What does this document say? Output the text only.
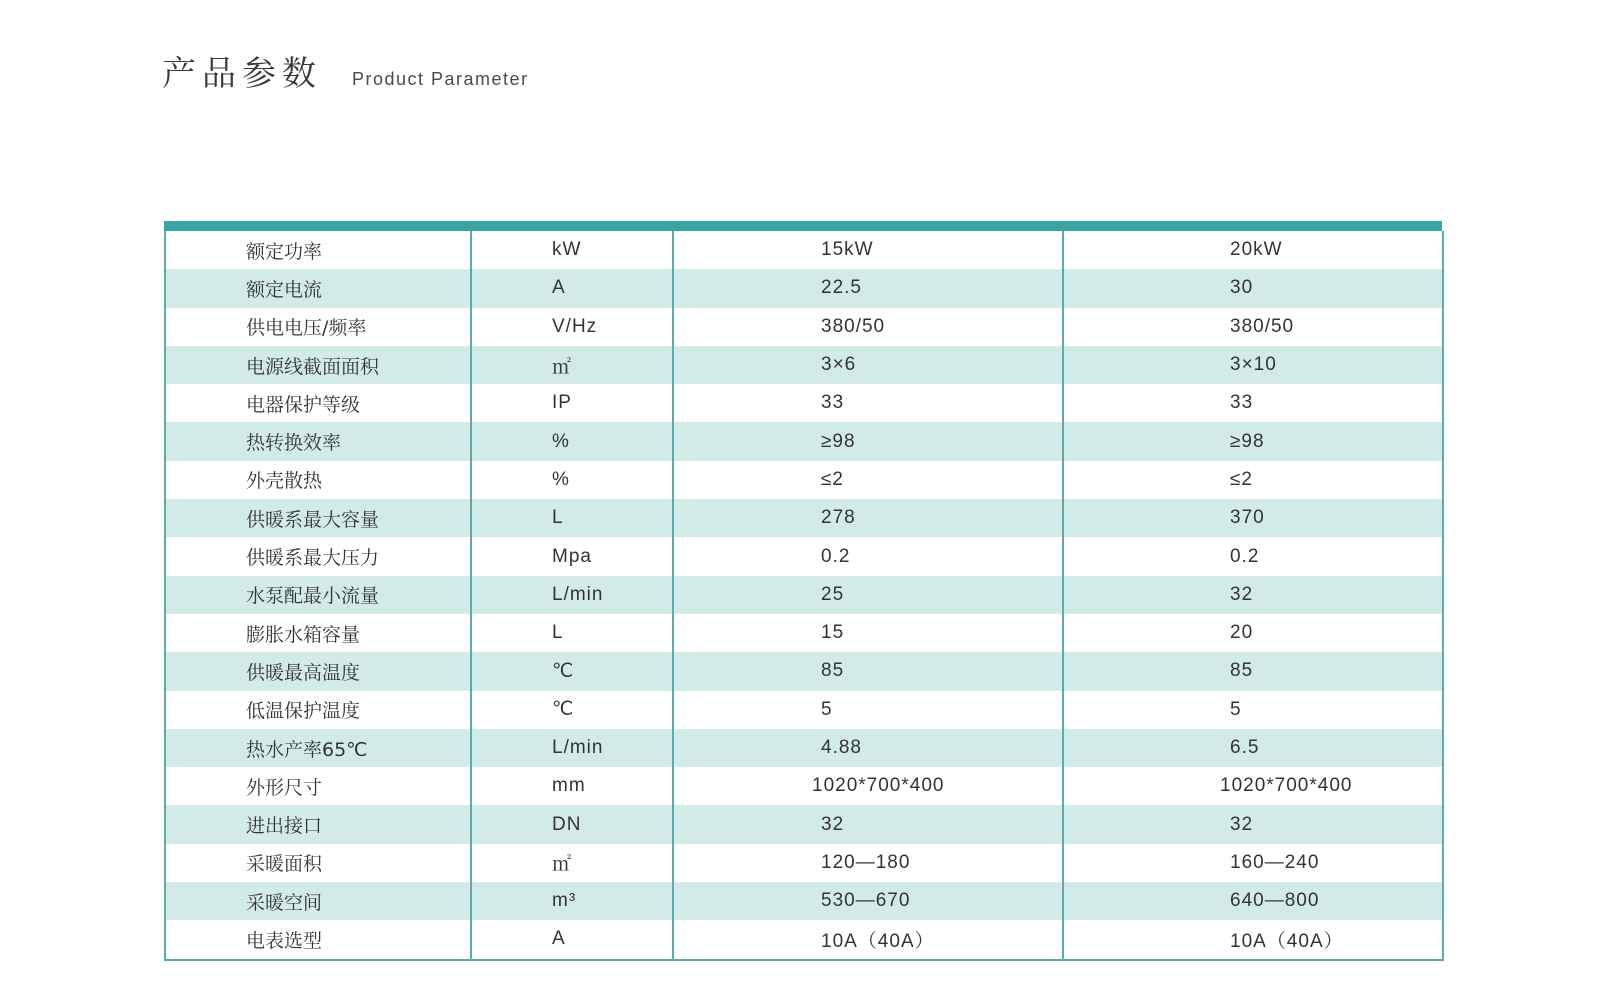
产品参数 Product Parameter
额定功率	kW	15kW	20kW
额定电流	A	22.5	30
供电电压/频率	V/Hz	380/50	380/50
电源线截面面积	㎡	3×6	3×10
电器保护等级	IP	33	33
热转换效率	%	≥98	≥98
外壳散热	%	≤2	≤2
供暖系最大容量	L	278	370
供暖系最大压力	Mpa	0.2	0.2
水泵配最小流量	L/min	25	32
膨胀水箱容量	L	15	20
供暖最高温度	℃	85	85
低温保护温度	℃	5	5
热水产率65℃	L/min	4.88	6.5
外形尺寸	mm	1020*700*400	1020*700*400
进出接口	DN	32	32
采暖面积	㎡	120—180	160—240
采暖空间	m³	530—670	640—800
电表选型	A	10A（40A）	10A（40A）
